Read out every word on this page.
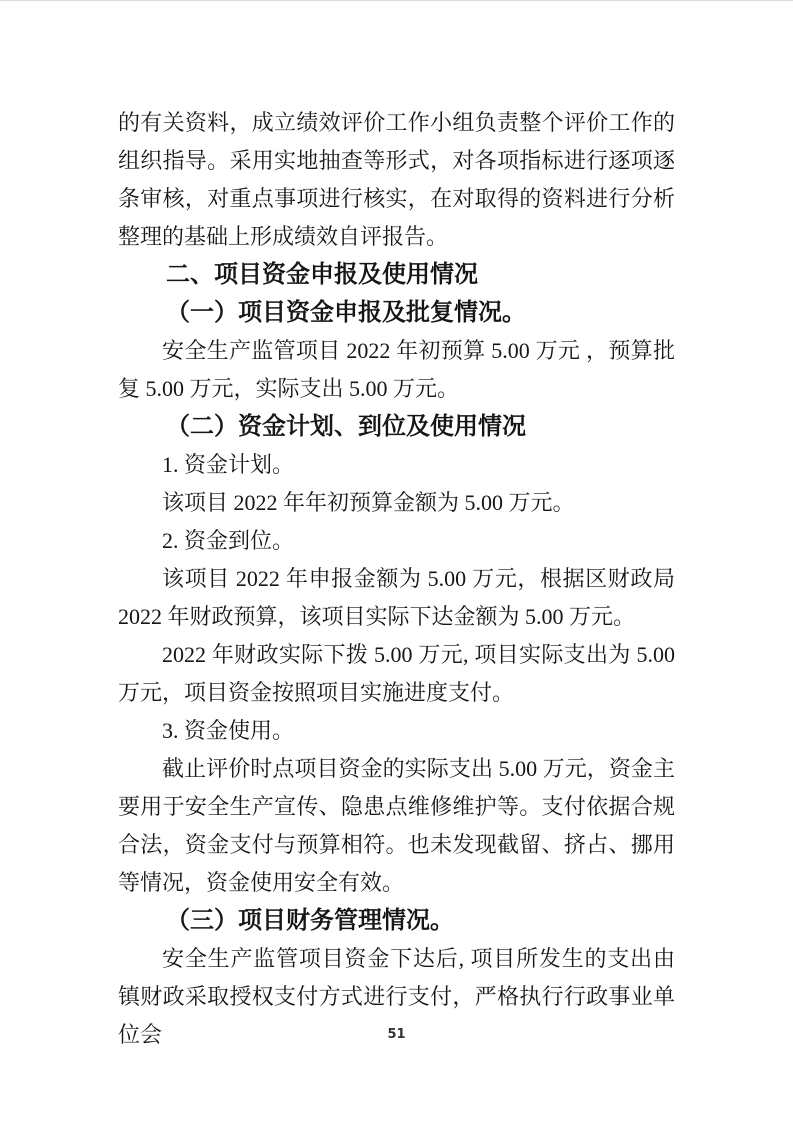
的有关资料，成立绩效评价工作小组负责整个评价工作的组织指导。采用实地抽查等形式，对各项指标进行逐项逐条审核，对重点事项进行核实，在对取得的资料进行分析整理的基础上形成绩效自评报告。
二、项目资金申报及使用情况
（一）项目资金申报及批复情况。
安全生产监管项目 2022 年初预算 5.00 万元 ，预算批复 5.00 万元，实际支出 5.00 万元。
（二）资金计划、到位及使用情况
1. 资金计划。
该项目 2022 年年初预算金额为 5.00 万元。
2. 资金到位。
该项目 2022 年申报金额为 5.00 万元，根据区财政局 2022 年财政预算，该项目实际下达金额为 5.00 万元。
2022 年财政实际下拨 5.00 万元, 项目实际支出为 5.00 万元，项目资金按照项目实施进度支付。
3. 资金使用。
截止评价时点项目资金的实际支出 5.00 万元，资金主要用于安全生产宣传、隐患点维修维护等。支付依据合规合法，资金支付与预算相符。也未发现截留、挤占、挪用等情况，资金使用安全有效。
（三）项目财务管理情况。
安全生产监管项目资金下达后, 项目所发生的支出由镇财政采取授权支付方式进行支付，严格执行行政事业单位会	51
